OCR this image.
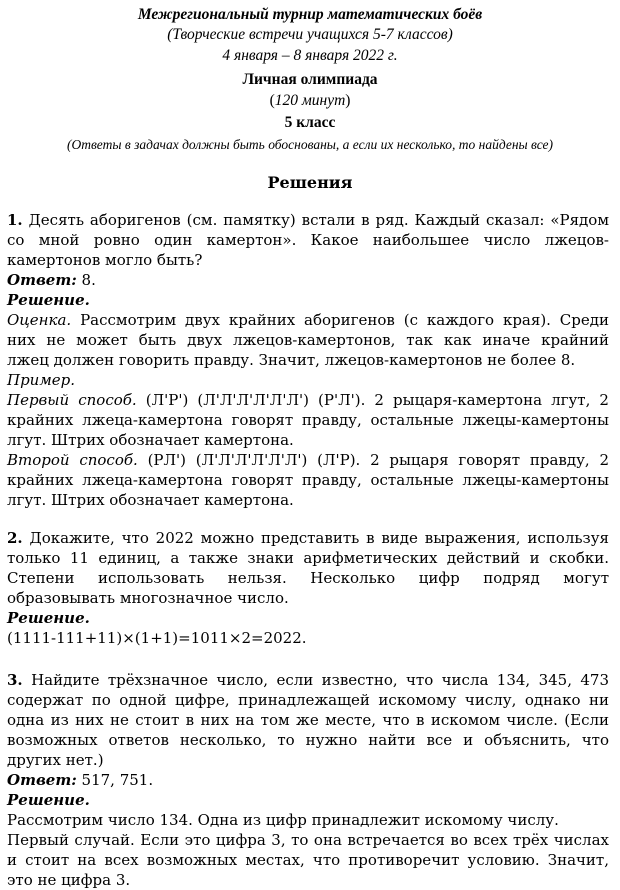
Межрегиональный турнир математических боёв
(Творческие встречи учащихся 5-7 классов)
4 января – 8 января 2022 г.
Личная олимпиада
(120 минут)
5 класс
(Ответы в задачах должны быть обоснованы, а если их несколько, то найдены все)
Решения
1. Десять аборигенов (см. памятку) встали в ряд. Каждый сказал: «Рядом
со мной ровно один камертон». Какое наибольшее число лжецов-
камертонов могло быть?
Ответ: 8.
Решение.
Оценка. Рассмотрим двух крайних аборигенов (с каждого края). Среди
них не может быть двух лжецов-камертонов, так как иначе крайний
лжец должен говорить правду. Значит, лжецов-камертонов не более 8.
Пример.
Первый способ. (Л'Р') (Л'Л'Л'Л'Л'Л') (Р'Л'). 2 рыцаря-камертона лгут, 2
крайних лжеца-камертона говорят правду, остальные лжецы-камертоны
лгут. Штрих обозначает камертона.
Второй способ. (РЛ') (Л'Л'Л'Л'Л'Л') (Л'Р). 2 рыцаря говорят правду, 2
крайних лжеца-камертона говорят правду, остальные лжецы-камертоны
лгут. Штрих обозначает камертона.
2. Докажите, что 2022 можно представить в виде выражения, используя
только 11 единиц, а также знаки арифметических действий и скобки.
Степени использовать нельзя. Несколько цифр подряд могут
образовывать многозначное число.
Решение.
(1111-111+11)×(1+1)=1011×2=2022.
3. Найдите трёхзначное число, если известно, что числа 134, 345, 473
содержат по одной цифре, принадлежащей искомому числу, однако ни
одна из них не стоит в них на том же месте, что в искомом числе. (Если
возможных ответов несколько, то нужно найти все и объяснить, что
других нет.)
Ответ: 517, 751.
Решение.
Рассмотрим число 134. Одна из цифр принадлежит искомому числу.
Первый случай. Если это цифра 3, то она встречается во всех трёх числах
и стоит на всех возможных местах, что противоречит условию. Значит,
это не цифра 3.
